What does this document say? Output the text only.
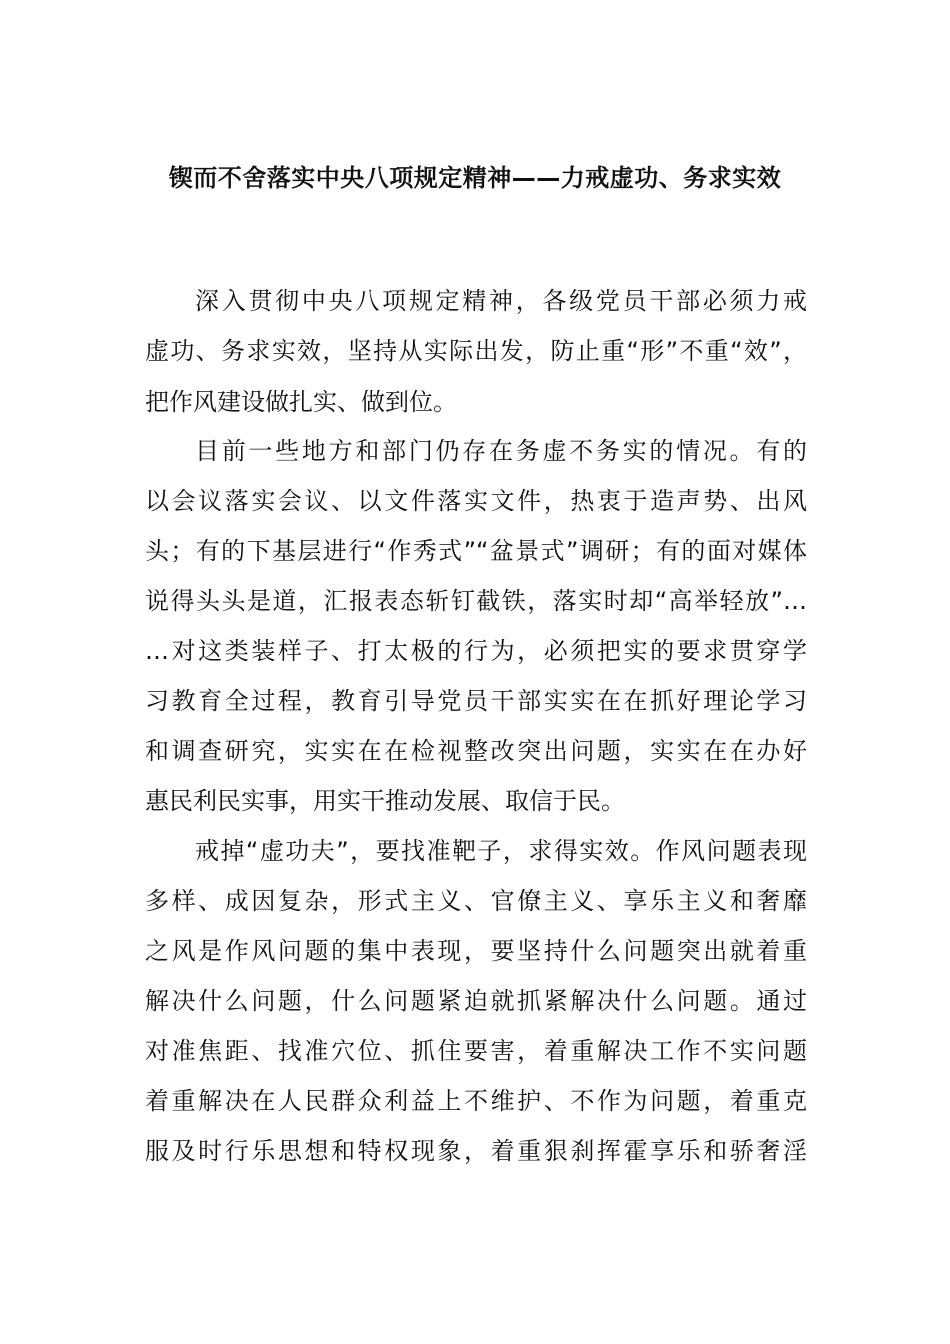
锲而不舍落实中央八项规定精神——力戒虚功、务求实效
深入贯彻中央八项规定精神，各级党员干部必须力戒
虚功、务求实效，坚持从实际出发，防止重“形”不重“效”，
把作风建设做扎实、做到位。
目前一些地方和部门仍存在务虚不务实的情况。有的
以会议落实会议、以文件落实文件，热衷于造声势、出风
头；有的下基层进行“作秀式”“盆景式”调研；有的面对媒体
说得头头是道，汇报表态斩钉截铁，落实时却“高举轻放”…
…对这类装样子、打太极的行为，必须把实的要求贯穿学
习教育全过程，教育引导党员干部实实在在抓好理论学习
和调查研究，实实在在检视整改突出问题，实实在在办好
惠民利民实事，用实干推动发展、取信于民。
戒掉“虚功夫”，要找准靶子，求得实效。作风问题表现
多样、成因复杂，形式主义、官僚主义、享乐主义和奢靡
之风是作风问题的集中表现，要坚持什么问题突出就着重
解决什么问题，什么问题紧迫就抓紧解决什么问题。通过
对准焦距、找准穴位、抓住要害，着重解决工作不实问题
着重解决在人民群众利益上不维护、不作为问题，着重克
服及时行乐思想和特权现象，着重狠刹挥霍享乐和骄奢淫
